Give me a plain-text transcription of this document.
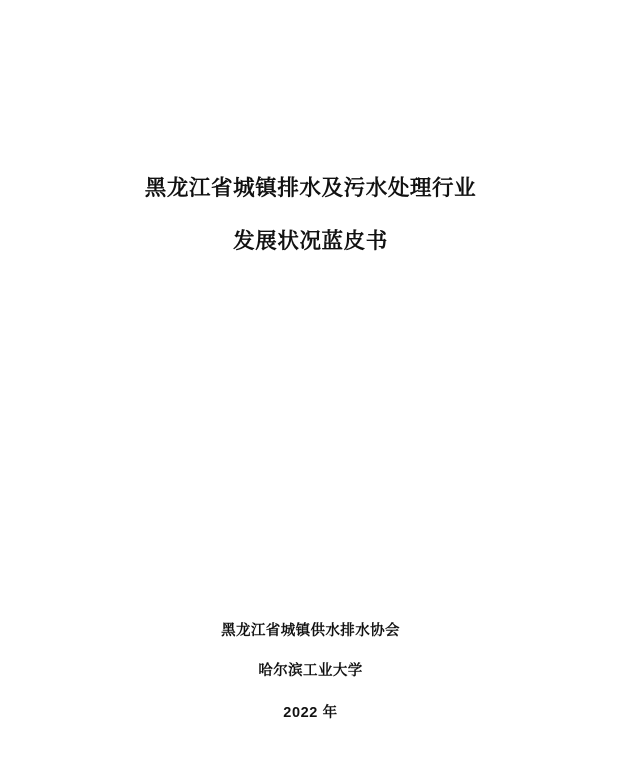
黑龙江省城镇排水及污水处理行业
发展状况蓝皮书
黑龙江省城镇供水排水协会
哈尔滨工业大学
2022 年
